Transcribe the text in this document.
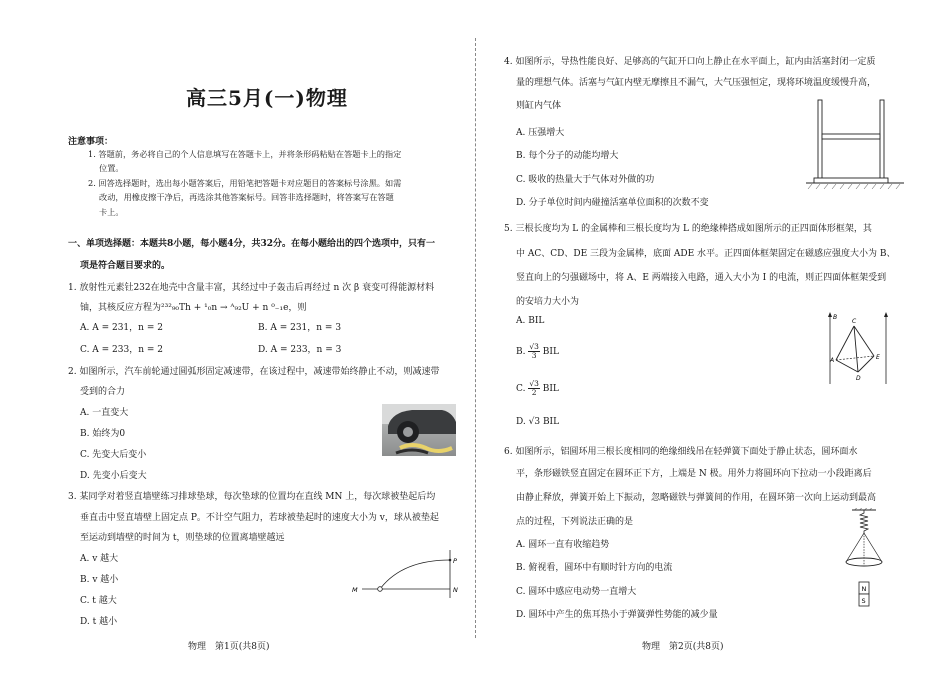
高三5月(一)物理
注意事项：
1. 答题前，务必将自己的个人信息填写在答题卡上，并将条形码粘贴在答题卡上的指定
位置。
2. 回答选择题时，选出每小题答案后，用铅笔把答题卡对应题目的答案标号涂黑。如需
改动，用橡皮擦干净后，再选涂其他答案标号。回答非选择题时，将答案写在答题
卡上。
一、单项选择题：本题共8小题，每小题4分，共32分。在每小题给出的四个选项中，只有一
项是符合题目要求的。
1. 放射性元素钍232在地壳中含量丰富，其经过中子轰击后再经过 n 次 β 衰变可得能源材料
铀，其核反应方程为²³²₉₀Th + ¹₀n → ᴬ₉₂U + n ⁰₋₁e，则
A. A = 231，n = 2	B. A = 231，n = 3
C. A = 233，n = 2	D. A = 233，n = 3
2. 如图所示，汽车前轮通过圆弧形固定减速带，在该过程中，减速带始终静止不动，则减速带
受到的合力
A. 一直变大
B. 始终为0
C. 先变大后变小
D. 先变小后变大
3. 某同学对着竖直墙壁练习排球垫球，每次垫球的位置均在直线 MN 上，每次球被垫起后均
垂直击中竖直墙壁上固定点 P。不计空气阻力，若球被垫起时的速度大小为 v，球从被垫起
至运动到墙壁的时间为 t，则垫球的位置离墙壁越远
A. v 越大
B. v 越小
C. t 越大
D. t 越小
M	N
P
物理　第1页(共8页)
4. 如图所示，导热性能良好、足够高的气缸开口向上静止在水平面上，缸内由活塞封闭一定质
量的理想气体。活塞与气缸内壁无摩擦且不漏气，大气压强恒定，现将环境温度缓慢升高，
则缸内气体
A. 压强增大
B. 每个分子的动能均增大
C. 吸收的热量大于气体对外做的功
D. 分子单位时间内碰撞活塞单位面积的次数不变
5. 三根长度均为 L 的金属棒和三根长度均为 L 的绝缘棒搭成如图所示的正四面体形框架，其
中 AC、CD、DE 三段为金属棒，底面 ADE 水平。正四面体框架固定在磁感应强度大小为 B、
竖直向上的匀强磁场中，将 A、E 两端接入电路，通入大小为 I 的电流，则正四面体框架受到
的安培力大小为
A. BIL
B. $\frac{√3}{3}$ BIL
C. $\frac{√3}{2}$ BIL
D. √3 BIL
B
C
A	E
D
6. 如图所示，铝圆环用三根长度相同的绝缘细线吊在轻弹簧下面处于静止状态，圆环面水
平，条形磁铁竖直固定在圆环正下方，上端是 N 极。用外力将圆环向下拉动一小段距离后
由静止释放，弹簧开始上下振动，忽略磁铁与弹簧间的作用，在圆环第一次向上运动到最高
点的过程，下列说法正确的是
A. 圆环一直有收缩趋势
B. 俯视看，圆环中有顺时针方向的电流
C. 圆环中感应电动势一直增大
D. 圆环中产生的焦耳热小于弹簧弹性势能的减少量
N
S
物理　第2页(共8页)
